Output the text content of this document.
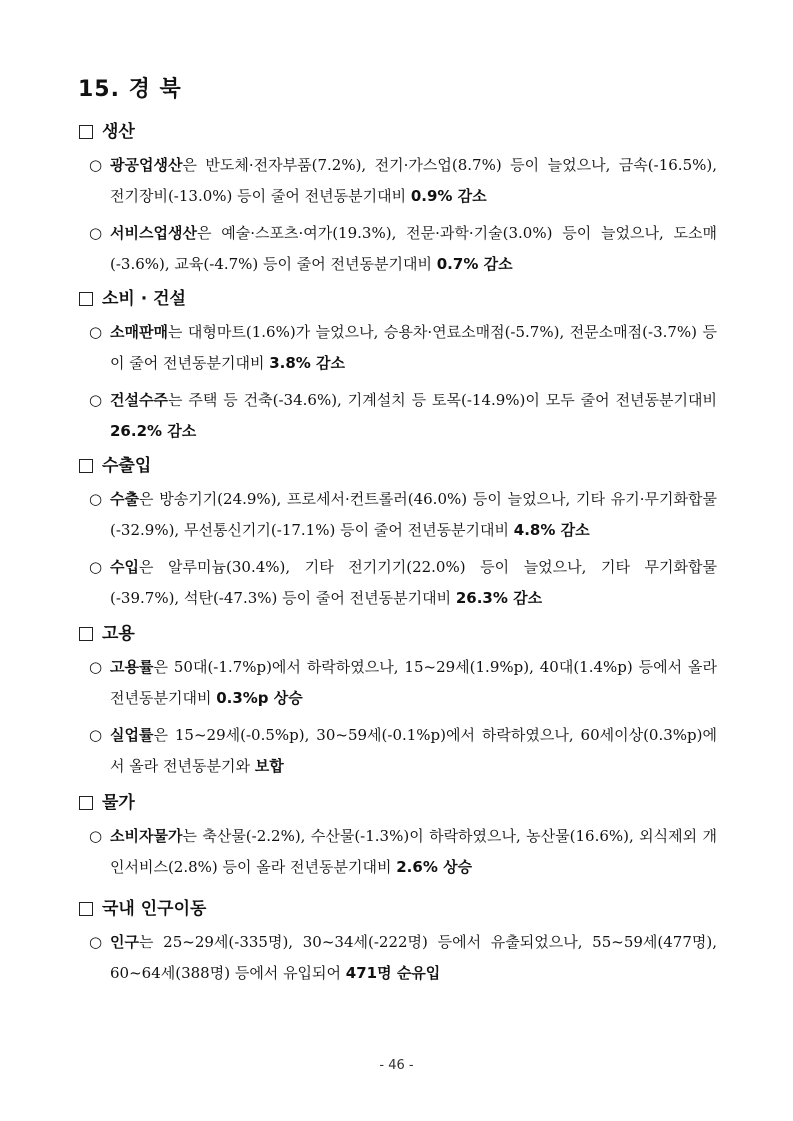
15. 경 북
생산
○ 광공업생산은 반도체·전자부품(7.2%), 전기·가스업(8.7%) 등이 늘었으나, 금속(-16.5%), 전기장비(-13.0%) 등이 줄어 전년동분기대비 0.9% 감소
○ 서비스업생산은 예술·스포츠·여가(19.3%), 전문·과학·기술(3.0%) 등이 늘었으나, 도소매(-3.6%), 교육(-4.7%) 등이 줄어 전년동분기대비 0.7% 감소
소비 · 건설
○ 소매판매는 대형마트(1.6%)가 늘었으나, 승용차·연료소매점(-5.7%), 전문소매점(-3.7%) 등이 줄어 전년동분기대비 3.8% 감소
○ 건설수주는 주택 등 건축(-34.6%), 기계설치 등 토목(-14.9%)이 모두 줄어 전년동분기대비 26.2% 감소
수출입
○ 수출은 방송기기(24.9%), 프로세서·컨트롤러(46.0%) 등이 늘었으나, 기타 유기·무기화합물(-32.9%), 무선통신기기(-17.1%) 등이 줄어 전년동분기대비 4.8% 감소
○ 수입은 알루미늄(30.4%), 기타 전기기기(22.0%) 등이 늘었으나, 기타 무기화합물(-39.7%), 석탄(-47.3%) 등이 줄어 전년동분기대비 26.3% 감소
고용
○ 고용률은 50대(-1.7%p)에서 하락하였으나, 15~29세(1.9%p), 40대(1.4%p) 등에서 올라 전년동분기대비 0.3%p 상승
○ 실업률은 15~29세(-0.5%p), 30~59세(-0.1%p)에서 하락하였으나, 60세이상(0.3%p)에서 올라 전년동분기와 보합
물가
○ 소비자물가는 축산물(-2.2%), 수산물(-1.3%)이 하락하였으나, 농산물(16.6%), 외식제외 개인서비스(2.8%) 등이 올라 전년동분기대비 2.6% 상승
국내 인구이동
○ 인구는 25~29세(-335명), 30~34세(-222명) 등에서 유출되었으나, 55~59세(477명), 60~64세(388명) 등에서 유입되어 471명 순유입
- 46 -
